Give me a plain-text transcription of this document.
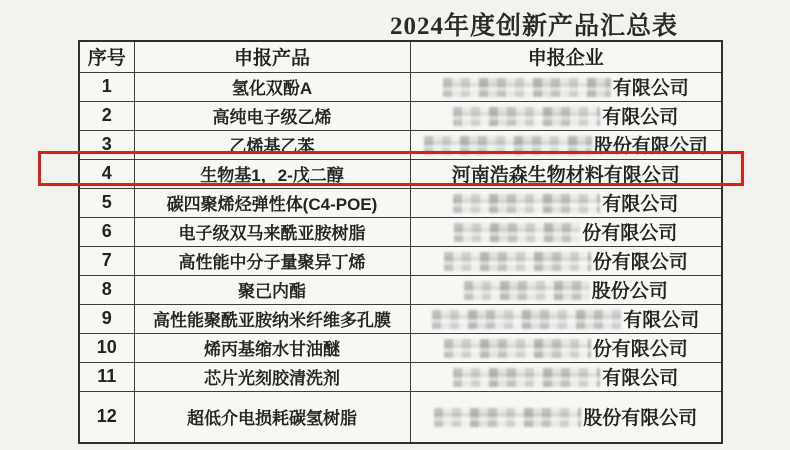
2024年度创新产品汇总表
序号	申报产品	申报企业
1	氢化双酚A	有限公司
2	高纯电子级乙烯	有限公司
3	乙烯基乙苯	股份有限公司
4	生物基1，2-戊二醇	河南浩森生物材料有限公司
5	碳四聚烯烃弹性体(C4-POE)	有限公司
6	电子级双马来酰亚胺树脂	份有限公司
7	高性能中分子量聚异丁烯	份有限公司
8	聚己内酯	股份公司
9	高性能聚酰亚胺纳米纤维多孔膜	有限公司
10	烯丙基缩水甘油醚	份有限公司
11	芯片光刻胶清洗剂	有限公司
12	超低介电损耗碳氢树脂	股份有限公司
